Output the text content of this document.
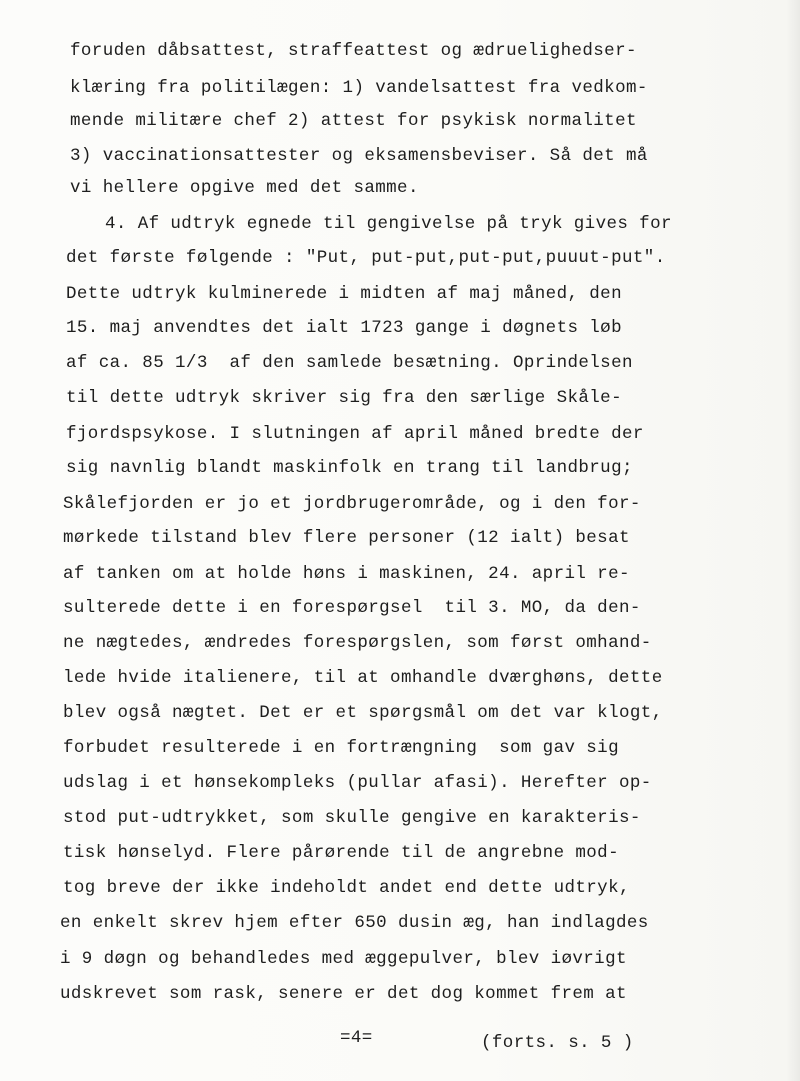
foruden dåbsattest, straffeattest og ædruelighedser-
klæring fra politilægen: 1) vandelsattest fra vedkom-
mende militære chef 2) attest for psykisk normalitet
3) vaccinationsattester og eksamensbeviser. Så det må
vi hellere opgive med det samme.
4. Af udtryk egnede til gengivelse på tryk gives for
det første følgende : "Put, put-put,put-put,puuut-put".
Dette udtryk kulminerede i midten af maj måned, den
15. maj anvendtes det ialt 1723 gange i døgnets løb
af ca. 85 1/3  af den samlede besætning. Oprindelsen
til dette udtryk skriver sig fra den særlige Skåle-
fjordspsykose. I slutningen af april måned bredte der
sig navnlig blandt maskinfolk en trang til landbrug;
Skålefjorden er jo et jordbrugerområde, og i den for-
mørkede tilstand blev flere personer (12 ialt) besat
af tanken om at holde høns i maskinen, 24. april re-
sulterede dette i en forespørgsel  til 3. MO, da den-
ne nægtedes, ændredes forespørgslen, som først omhand-
lede hvide italienere, til at omhandle dværghøns, dette
blev også nægtet. Det er et spørgsmål om det var klogt,
forbudet resulterede i en fortrængning  som gav sig
udslag i et hønsekompleks (pullar afasi). Herefter op-
stod put-udtrykket, som skulle gengive en karakteris-
tisk hønselyd. Flere pårørende til de angrebne mod-
tog breve der ikke indeholdt andet end dette udtryk,
en enkelt skrev hjem efter 650 dusin æg, han indlagdes
i 9 døgn og behandledes med æggepulver, blev iøvrigt
udskrevet som rask, senere er det dog kommet frem at
=4=	(forts. s. 5 )
